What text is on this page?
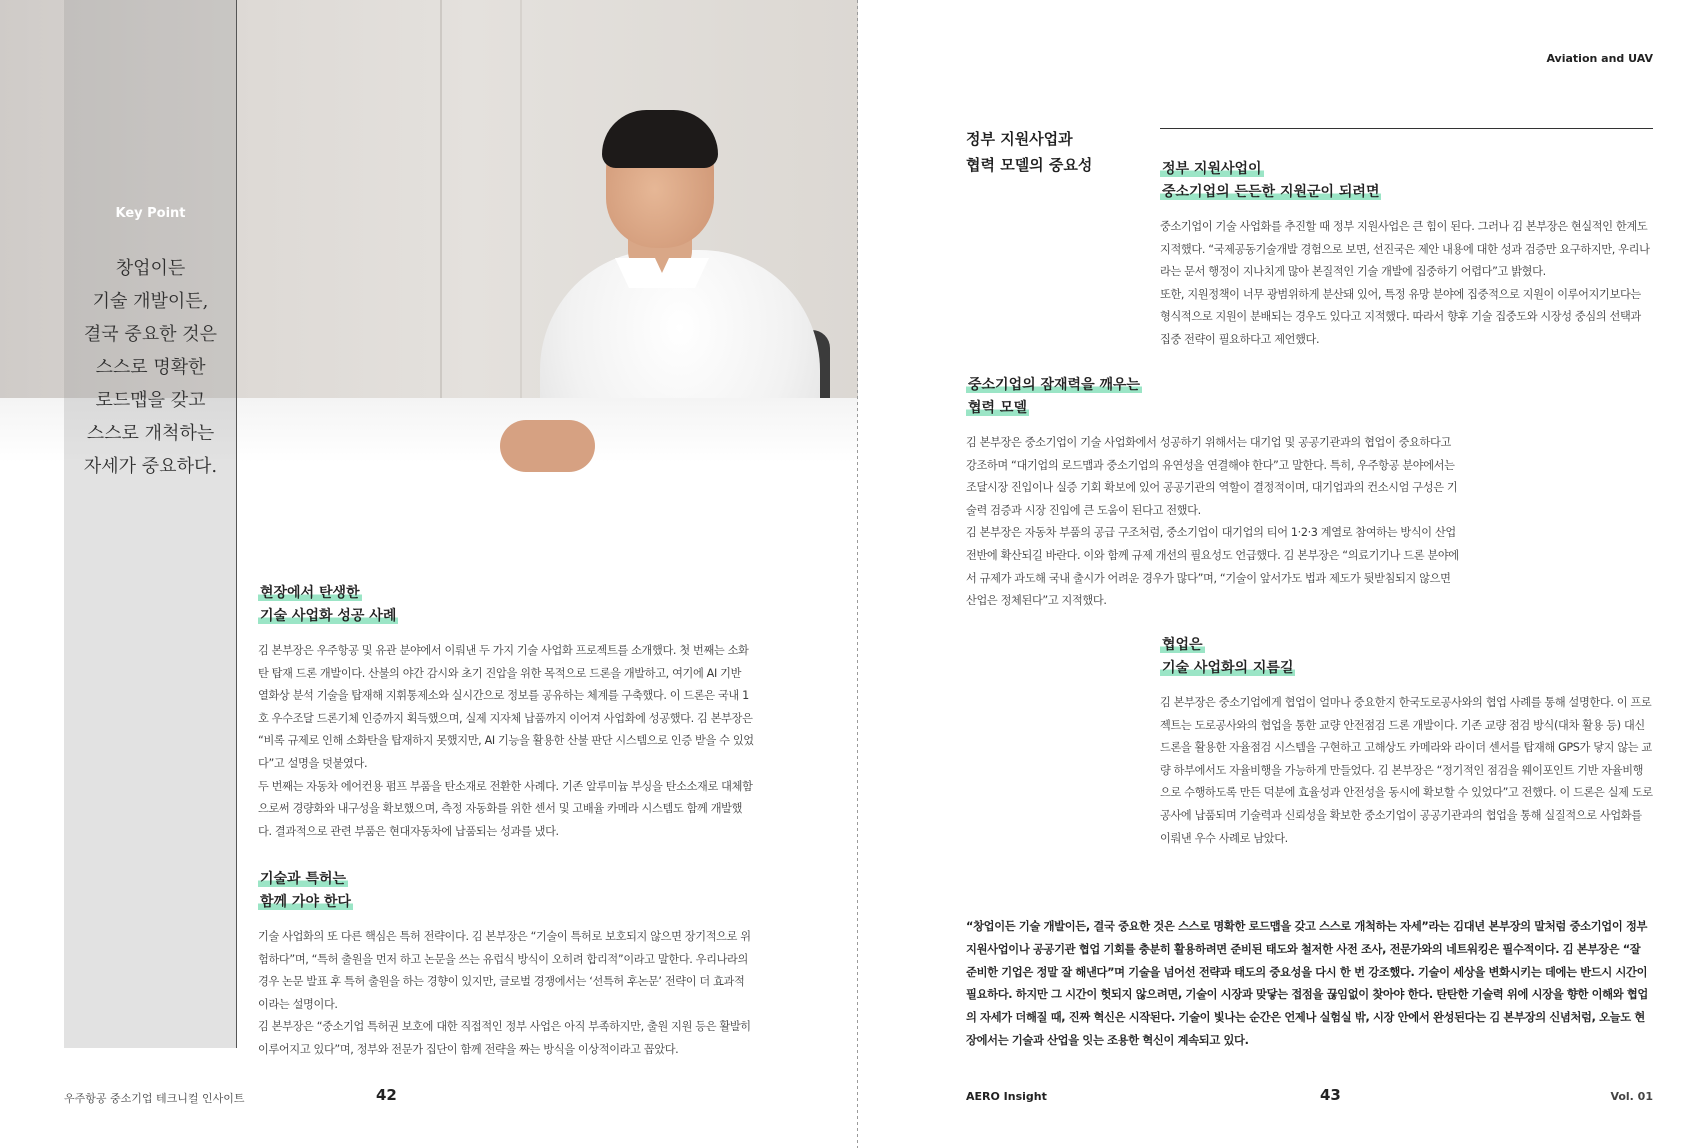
Key Point
창업이든
기술 개발이든,
결국 중요한 것은
스스로 명확한
로드맵을 갖고
스스로 개척하는
자세가 중요하다.
현장에서 탄생한
기술 사업화 성공 사례

김 본부장은 우주항공 및 유관 분야에서 이뤄낸 두 가지 기술 사업화 프로젝트를 소개했다. 첫 번째는 소화탄 탑재 드론 개발이다. 산불의 야간 감시와 초기 진압을 위한 목적으로 드론을 개발하고, 여기에 AI 기반 열화상 분석 기술을 탑재해 지휘통제소와 실시간으로 정보를 공유하는 체계를 구축했다. 이 드론은 국내 1호 우수조달 드론기체 인증까지 획득했으며, 실제 지자체 납품까지 이어져 사업화에 성공했다. 김 본부장은 “비록 규제로 인해 소화탄을 탑재하지 못했지만, AI 기능을 활용한 산불 판단 시스템으로 인증 받을 수 있었다”고 설명을 덧붙였다.

두 번째는 자동차 에어컨용 펌프 부품을 탄소재로 전환한 사례다. 기존 알루미늄 부싱을 탄소소재로 대체함으로써 경량화와 내구성을 확보했으며, 측정 자동화를 위한 센서 및 고배율 카메라 시스템도 함께 개발했다. 결과적으로 관련 부품은 현대자동차에 납품되는 성과를 냈다.

기술과 특허는
함께 가야 한다

기술 사업화의 또 다른 핵심은 특허 전략이다. 김 본부장은 “기술이 특허로 보호되지 않으면 장기적으로 위험하다”며, “특허 출원을 먼저 하고 논문을 쓰는 유럽식 방식이 오히려 합리적”이라고 말한다. 우리나라의 경우 논문 발표 후 특허 출원을 하는 경향이 있지만, 글로벌 경쟁에서는 ‘선특허 후논문’ 전략이 더 효과적이라는 설명이다.

김 본부장은 “중소기업 특허권 보호에 대한 직접적인 정부 사업은 아직 부족하지만, 출원 지원 등은 활발히 이루어지고 있다”며, 정부와 전문가 집단이 함께 전략을 짜는 방식을 이상적이라고 꼽았다.

우주항공 중소기업 테크니컬 인사이트	42
Aviation and UAV
정부 지원사업과
협력 모델의 중요성	정부 지원사업이
중소기업의 든든한 지원군이 되려면

중소기업이 기술 사업화를 추진할 때 정부 지원사업은 큰 힘이 된다. 그러나 김 본부장은 현실적인 한계도 지적했다. “국제공동기술개발 경험으로 보면, 선진국은 제안 내용에 대한 성과 검증만 요구하지만, 우리나라는 문서 행정이 지나치게 많아 본질적인 기술 개발에 집중하기 어렵다”고 밝혔다.

또한, 지원정책이 너무 광범위하게 분산돼 있어, 특정 유망 분야에 집중적으로 지원이 이루어지기보다는 형식적으로 지원이 분배되는 경우도 있다고 지적했다. 따라서 향후 기술 집중도와 시장성 중심의 선택과 집중 전략이 필요하다고 제언했다.

중소기업의 잠재력을 깨우는
협력 모델

김 본부장은 중소기업이 기술 사업화에서 성공하기 위해서는 대기업 및 공공기관과의 협업이 중요하다고 강조하며 “대기업의 로드맵과 중소기업의 유연성을 연결해야 한다”고 말한다. 특히, 우주항공 분야에서는 조달시장 진입이나 실증 기회 확보에 있어 공공기관의 역할이 결정적이며, 대기업과의 컨소시엄 구성은 기술력 검증과 시장 진입에 큰 도움이 된다고 전했다.

김 본부장은 자동차 부품의 공급 구조처럼, 중소기업이 대기업의 티어 1·2·3 계열로 참여하는 방식이 산업 전반에 확산되길 바란다. 이와 함께 규제 개선의 필요성도 언급했다. 김 본부장은 “의료기기나 드론 분야에서 규제가 과도해 국내 출시가 어려운 경우가 많다”며, “기술이 앞서가도 법과 제도가 뒷받침되지 않으면 산업은 정체된다”고 지적했다.

협업은
기술 사업화의 지름길

김 본부장은 중소기업에게 협업이 얼마나 중요한지 한국도로공사와의 협업 사례를 통해 설명한다. 이 프로젝트는 도로공사와의 협업을 통한 교량 안전점검 드론 개발이다. 기존 교량 점검 방식(대차 활용 등) 대신 드론을 활용한 자율점검 시스템을 구현하고 고해상도 카메라와 라이더 센서를 탑재해 GPS가 닿지 않는 교량 하부에서도 자율비행을 가능하게 만들었다. 김 본부장은 “정기적인 점검을 웨이포인트 기반 자율비행으로 수행하도록 만든 덕분에 효율성과 안전성을 동시에 확보할 수 있었다”고 전했다. 이 드론은 실제 도로공사에 납품되며 기술력과 신뢰성을 확보한 중소기업이 공공기관과의 협업을 통해 실질적으로 사업화를 이뤄낸 우수 사례로 남았다.

“창업이든 기술 개발이든, 결국 중요한 것은 스스로 명확한 로드맵을 갖고 스스로 개척하는 자세”라는 김대년 본부장의 말처럼 중소기업이 정부 지원사업이나 공공기관 협업 기회를 충분히 활용하려면 준비된 태도와 철저한 사전 조사, 전문가와의 네트워킹은 필수적이다. 김 본부장은 “잘 준비한 기업은 정말 잘 해낸다”며 기술을 넘어선 전략과 태도의 중요성을 다시 한 번 강조했다. 기술이 세상을 변화시키는 데에는 반드시 시간이 필요하다. 하지만 그 시간이 헛되지 않으려면, 기술이 시장과 맞닿는 접점을 끊임없이 찾아야 한다. 탄탄한 기술력 위에 시장을 향한 이해와 협업의 자세가 더해질 때, 진짜 혁신은 시작된다. 기술이 빛나는 순간은 언제나 실험실 밖, 시장 안에서 완성된다는 김 본부장의 신념처럼, 오늘도 현장에서는 기술과 산업을 잇는 조용한 혁신이 계속되고 있다.

AERO Insight	43	Vol. 01
